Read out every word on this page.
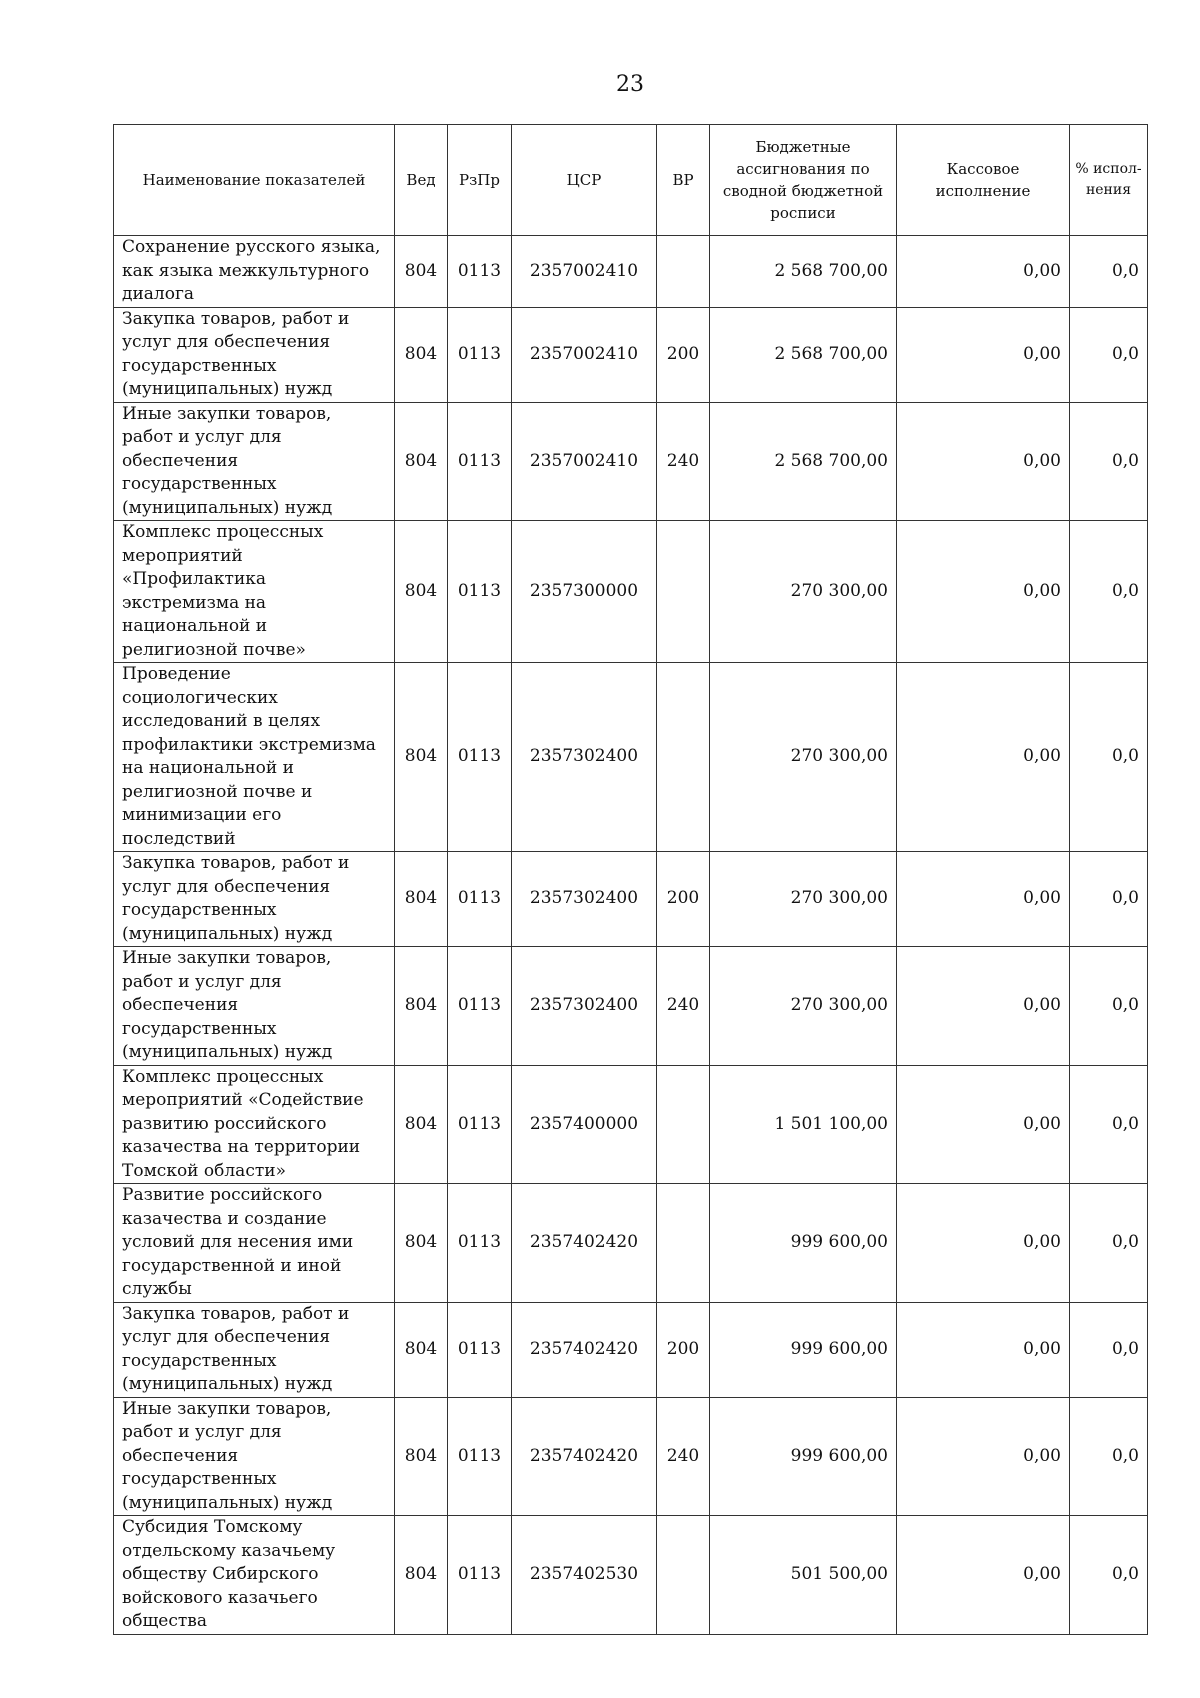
23
Наименование показателей	Вед	РзПр	ЦСР	ВР	Бюджетные ассигнования по сводной бюджетной росписи	Кассовое исполнение	% испол-нения
Сохранение русского языка, как языка межкультурного диалога	804	0113	2357002410		2 568 700,00	0,00	0,0
Закупка товаров, работ и услуг для обеспечения государственных (муниципальных) нужд	804	0113	2357002410	200	2 568 700,00	0,00	0,0
Иные закупки товаров, работ и услуг для обеспечения государственных (муниципальных) нужд	804	0113	2357002410	240	2 568 700,00	0,00	0,0
Комплекс процессных мероприятий «Профилактика экстремизма на национальной и религиозной почве»	804	0113	2357300000		270 300,00	0,00	0,0
Проведение социологических исследований в целях профилактики экстремизма на национальной и религиозной почве и минимизации его последствий	804	0113	2357302400		270 300,00	0,00	0,0
Закупка товаров, работ и услуг для обеспечения государственных (муниципальных) нужд	804	0113	2357302400	200	270 300,00	0,00	0,0
Иные закупки товаров, работ и услуг для обеспечения государственных (муниципальных) нужд	804	0113	2357302400	240	270 300,00	0,00	0,0
Комплекс процессных мероприятий «Содействие развитию российского казачества на территории Томской области»	804	0113	2357400000		1 501 100,00	0,00	0,0
Развитие российского казачества и создание условий для несения ими государственной и иной службы	804	0113	2357402420		999 600,00	0,00	0,0
Закупка товаров, работ и услуг для обеспечения государственных (муниципальных) нужд	804	0113	2357402420	200	999 600,00	0,00	0,0
Иные закупки товаров, работ и услуг для обеспечения государственных (муниципальных) нужд	804	0113	2357402420	240	999 600,00	0,00	0,0
Субсидия Томскому отдельскому казачьему обществу Сибирского войскового казачьего общества	804	0113	2357402530		501 500,00	0,00	0,0
